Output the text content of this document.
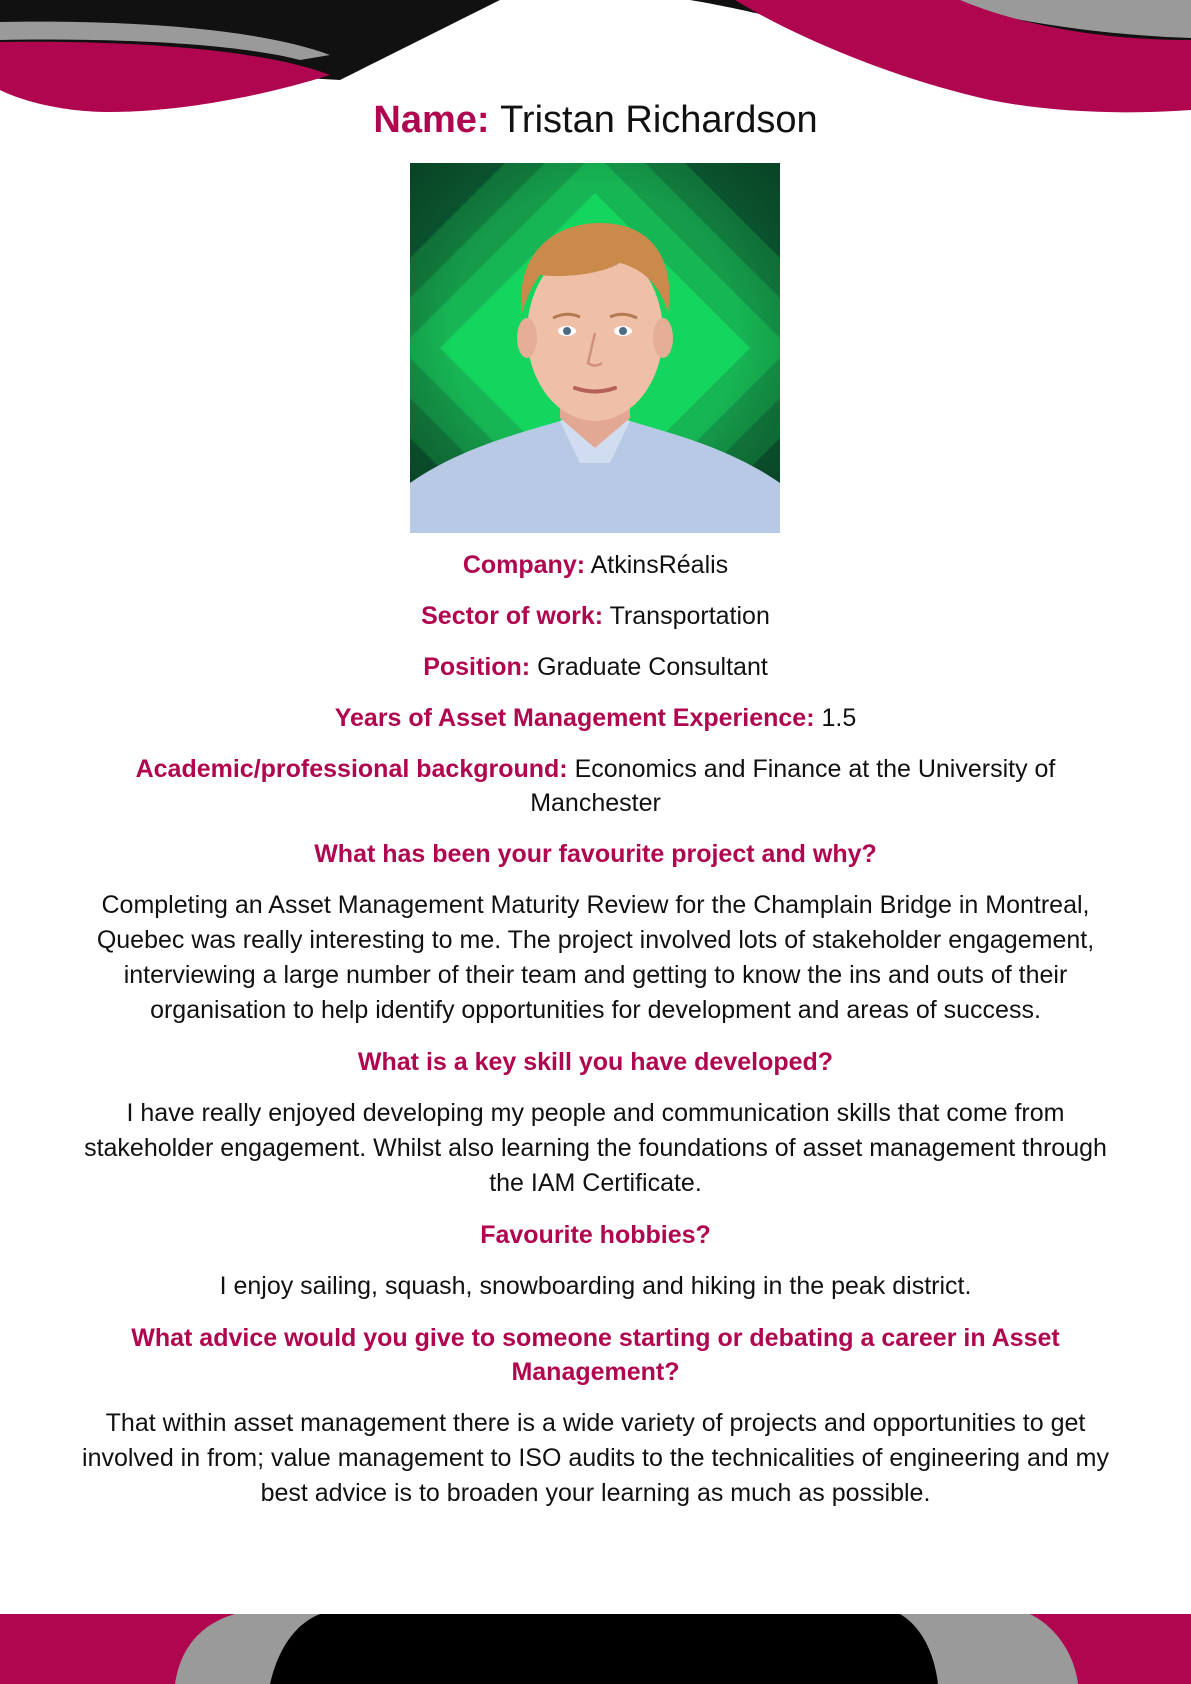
Name: Tristan Richardson

Company: AtkinsRéalis

Sector of work: Transportation

Position: Graduate Consultant

Years of Asset Management Experience: 1.5

Academic/professional background: Economics and Finance at the University of Manchester

What has been your favourite project and why?

Completing an Asset Management Maturity Review for the Champlain Bridge in Montreal, Quebec was really interesting to me. The project involved lots of stakeholder engagement, interviewing a large number of their team and getting to know the ins and outs of their organisation to help identify opportunities for development and areas of success.

What is a key skill you have developed?

I have really enjoyed developing my people and communication skills that come from stakeholder engagement. Whilst also learning the foundations of asset management through the IAM Certificate.

Favourite hobbies?

I enjoy sailing, squash, snowboarding and hiking in the peak district.

What advice would you give to someone starting or debating a career in Asset Management?

That within asset management there is a wide variety of projects and opportunities to get involved in from; value management to ISO audits to the technicalities of engineering and my best advice is to broaden your learning as much as possible.
